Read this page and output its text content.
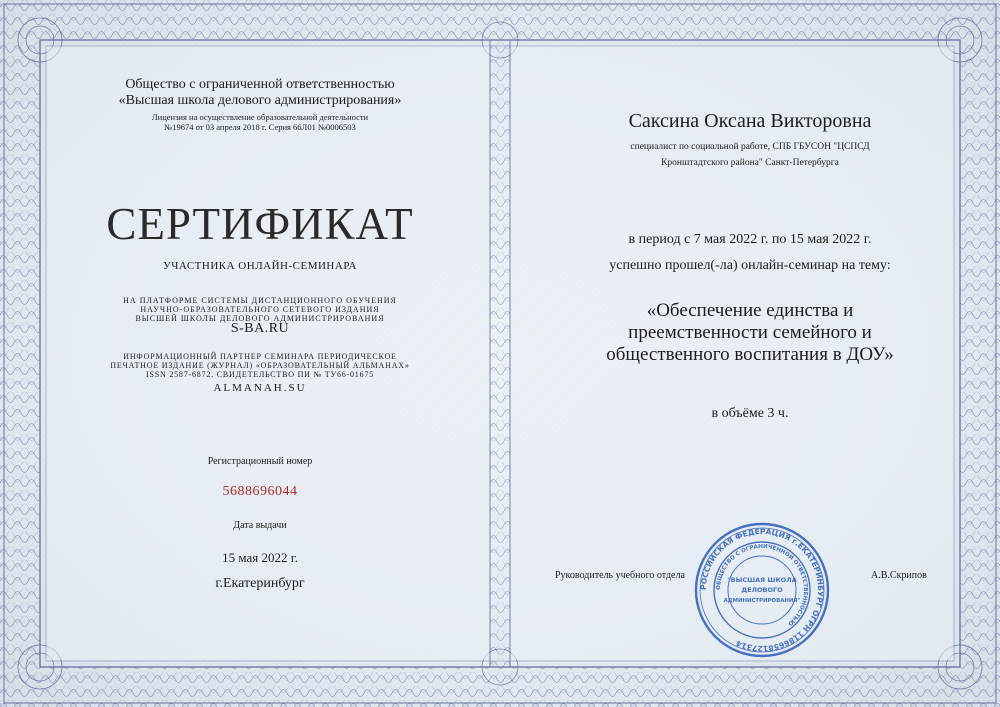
Общество с ограниченной ответственностью
«Высшая школа делового администрирования»
Лицензия на осуществление образовательной деятельности
№19674 от 03 апреля 2018 г. Серия 66Л01 №0006503
СЕРТИФИКАТ
УЧАСТНИКА ОНЛАЙН-СЕМИНАРА
НА ПЛАТФОРМЕ СИСТЕМЫ ДИСТАНЦИОННОГО ОБУЧЕНИЯ
НАУЧНО-ОБРАЗОВАТЕЛЬНОГО СЕТЕВОГО ИЗДАНИЯ
ВЫСШЕЙ ШКОЛЫ ДЕЛОВОГО АДМИНИСТРИРОВАНИЯ
S-BA.RU
ИНФОРМАЦИОННЫЙ ПАРТНЕР СЕМИНАРА ПЕРИОДИЧЕСКОЕ
ПЕЧАТНОЕ ИЗДАНИЕ (ЖУРНАЛ) «ОБРАЗОВАТЕЛЬНЫЙ АЛЬМАНАХ»
ISSN 2587-6872. СВИДЕТЕЛЬСТВО ПИ № ТУ66-01675
ALMANAH.SU
Регистрационный номер
5688696044
Дата выдачи
15 мая 2022 г.
г.Екатеринбург
Саксина Оксана Викторовна
специалист по социальной работе, СПБ ГБУСОН "ЦСПСД
Кронштадтского района" Санкт-Петербурга
в период с 7 мая 2022 г. по 15 мая 2022 г.
успешно прошел(-ла) онлайн-семинар на тему:
«Обеспечение единства и
преемственности семейного и
общественного воспитания в ДОУ»
в объёме 3 ч.
Руководитель учебного отдела	А.В.Скрипов
РОССИЙСКАЯ ФЕДЕРАЦИЯ г.ЕКАТЕРИНБУРГ ОГРН 1186658127314
ОБЩЕСТВО С ОГРАНИЧЕННОЙ ОТВЕТСТВЕННОСТЬЮ
"ВЫСШАЯ ШКОЛА
ДЕЛОВОГО
АДМИНИСТРИРОВАНИЯ"
